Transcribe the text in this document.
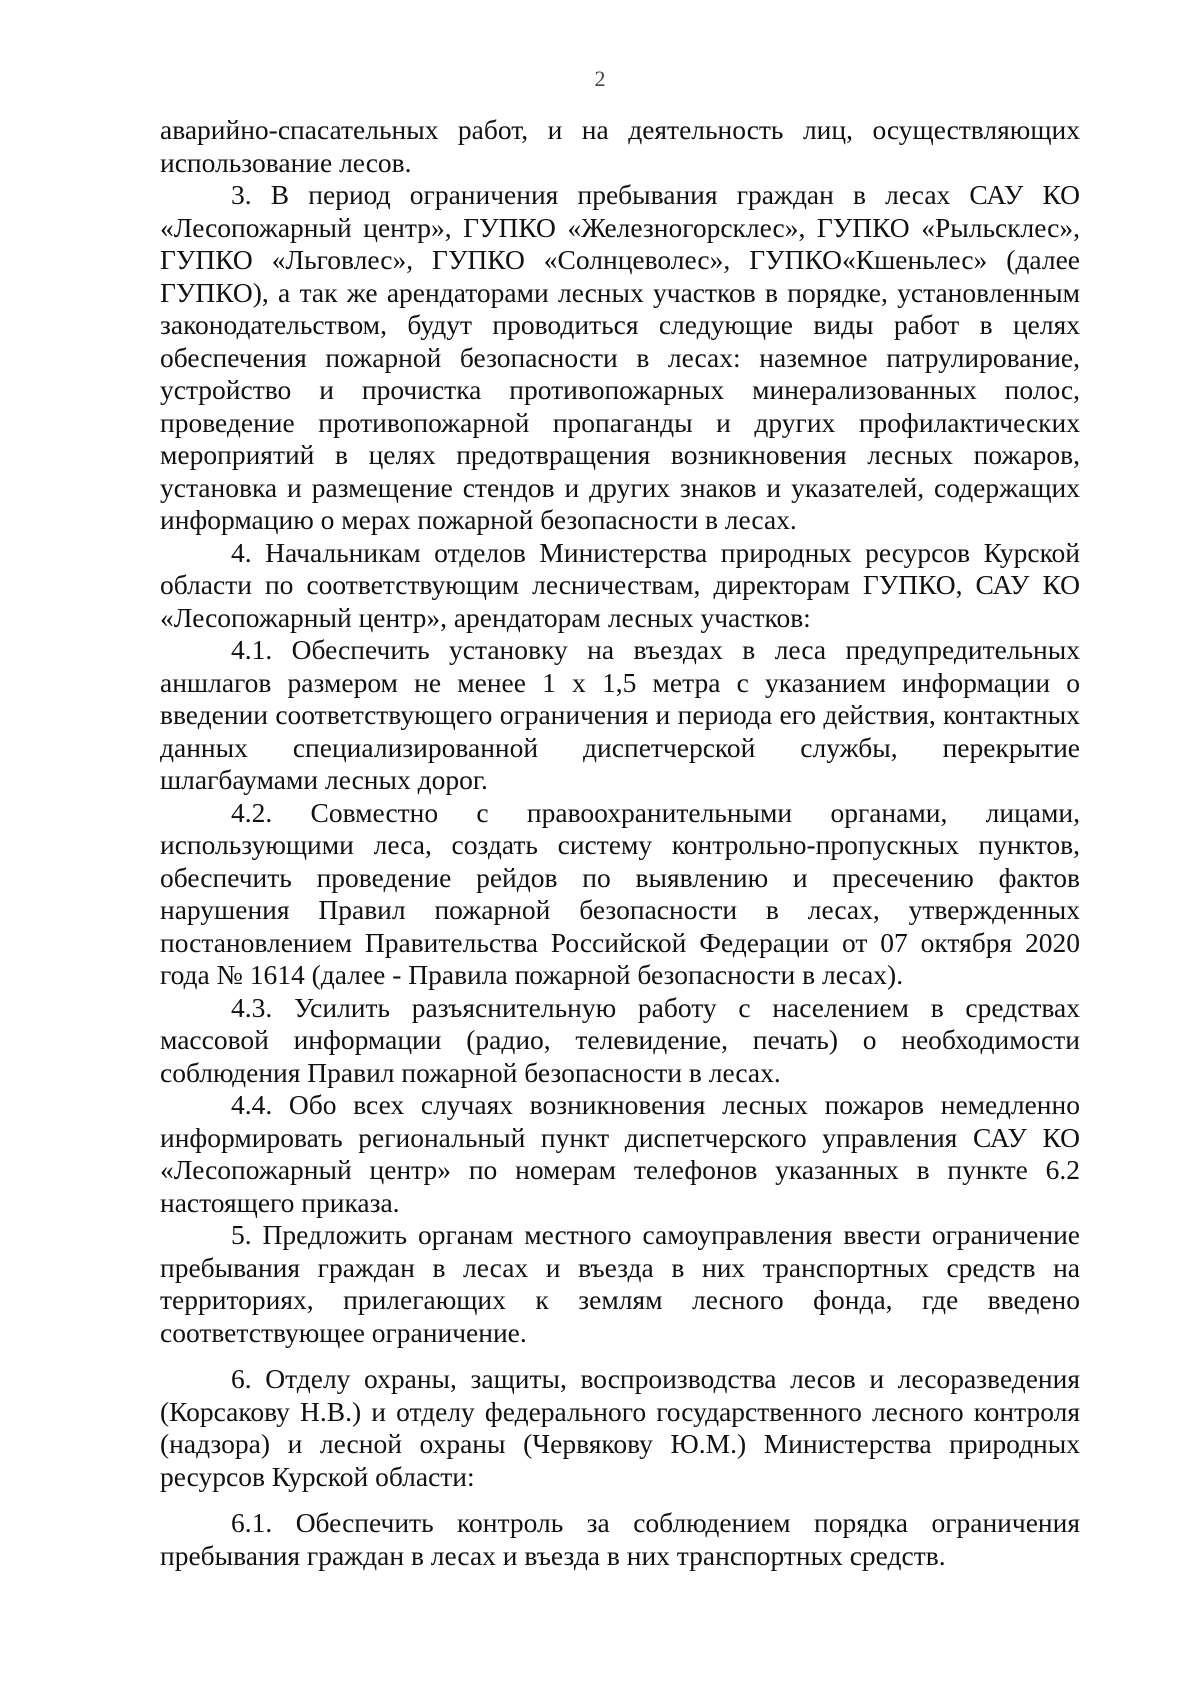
2

аварийно-спасательных работ, и на деятельность лиц, осуществляющих использование лесов.

3. В период ограничения пребывания граждан в лесах САУ КО «Лесопожарный центр», ГУПКО «Железногорсклес», ГУПКО «Рыльсклес», ГУПКО «Льговлес», ГУПКО «Солнцеволес», ГУПКО«Кшеньлес» (далее ГУПКО), а так же арендаторами лесных участков в порядке, установленным законодательством, будут проводиться следующие виды работ в целях обеспечения пожарной безопасности в лесах: наземное патрулирование, устройство и прочистка противопожарных минерализованных полос, проведение противопожарной пропаганды и других профилактических мероприятий в целях предотвращения возникновения лесных пожаров, установка и размещение стендов и других знаков и указателей, содержащих информацию о мерах пожарной безопасности в лесах.

4. Начальникам отделов Министерства природных ресурсов Курской области по соответствующим лесничествам, директорам ГУПКО, САУ КО «Лесопожарный центр», арендаторам лесных участков:

4.1. Обеспечить установку на въездах в леса предупредительных аншлагов размером не менее 1 х 1,5 метра с указанием информации о введении соответствующего ограничения и периода его действия, контактных данных специализированной диспетчерской службы, перекрытие шлагбаумами лесных дорог.

4.2. Совместно с правоохранительными органами, лицами, использующими леса, создать систему контрольно-пропускных пунктов, обеспечить проведение рейдов по выявлению и пресечению фактов нарушения Правил пожарной безопасности в лесах, утвержденных постановлением Правительства Российской Федерации от 07 октября 2020 года № 1614 (далее - Правила пожарной безопасности в лесах).

4.3. Усилить разъяснительную работу с населением в средствах массовой информации (радио, телевидение, печать) о необходимости соблюдения Правил пожарной безопасности в лесах.

4.4. Обо всех случаях возникновения лесных пожаров немедленно информировать региональный пункт диспетчерского управления САУ КО «Лесопожарный центр» по номерам телефонов указанных в пункте 6.2 настоящего приказа.

5. Предложить органам местного самоуправления ввести ограничение пребывания граждан в лесах и въезда в них транспортных средств на территориях, прилегающих к землям лесного фонда, где введено соответствующее ограничение.

6. Отделу охраны, защиты, воспроизводства лесов и лесоразведения (Корсакову Н.В.) и отделу федерального государственного лесного контроля (надзора) и лесной охраны (Червякову Ю.М.) Министерства природных ресурсов Курской области:

6.1. Обеспечить контроль за соблюдением порядка ограничения пребывания граждан в лесах и въезда в них транспортных средств.
